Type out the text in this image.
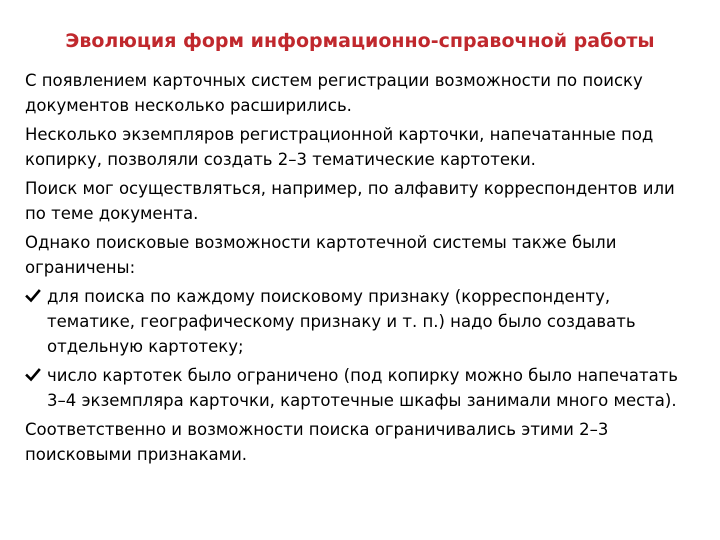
Эволюция форм информационно-справочной работы

С появлением карточных систем регистрации возможности по поиску документов несколько расширились.

Несколько экземпляров регистрационной карточки, напечатанные под копирку, позволяли создать 2–3 тематические картотеки.

Поиск мог осуществляться, например, по алфавиту корреспондентов или по теме документа.

Однако поисковые возможности картотечной системы также были ограничены:

для поиска по каждому поисковому признаку (корреспонденту, тематике, географическому признаку и т. п.) надо было создавать отдельную картотеку;
число картотек было ограничено (под копирку можно было напечатать 3–4 экземпляра карточки, картотечные шкафы занимали много места).

Соответственно и возможности поиска ограничивались этими 2–3 поисковыми признаками.
